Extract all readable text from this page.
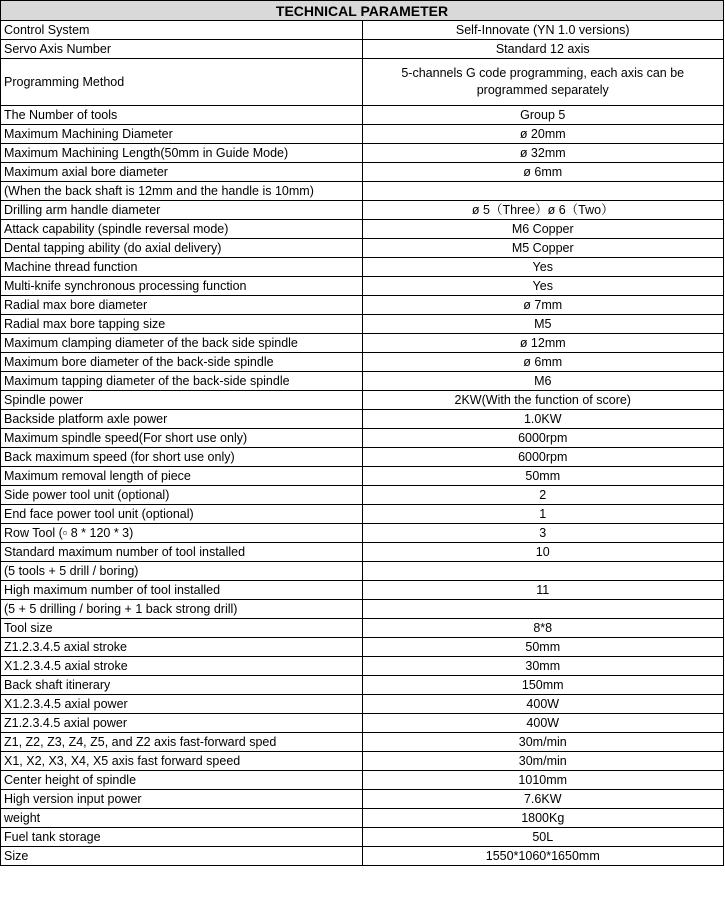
TECHNICAL PARAMETER	
Control System	Self-Innovate (YN 1.0 versions)
Servo Axis Number	Standard 12 axis
Programming Method	5-channels G code programming, each axis can be programmed separately
The Number of tools	Group 5
Maximum Machining Diameter	ø 20mm
Maximum Machining Length(50mm in Guide Mode)	ø 32mm
Maximum axial bore diameter	ø 6mm
(When the back shaft is 12mm and the handle is 10mm)	
Drilling arm handle diameter	ø 5（Three）ø 6（Two）
Attack capability (spindle reversal mode)	M6 Copper
Dental tapping ability (do axial delivery)	M5 Copper
Machine thread function	Yes
Multi-knife synchronous processing function	Yes
Radial max bore diameter	ø 7mm
Radial max bore tapping size	M5
Maximum clamping diameter of the back side spindle	ø 12mm
Maximum bore diameter of the back-side spindle	ø 6mm
Maximum tapping diameter of the back-side spindle	M6
Spindle power	2KW(With the function of score)
Backside platform axle power	1.0KW
Maximum spindle speed(For short use only)	6000rpm
Back maximum speed (for short use only)	6000rpm
Maximum removal length of piece	50mm
Side power tool unit (optional)	2
End face power tool unit (optional)	1
Row Tool (▫ 8 * 120 * 3)	3
Standard maximum number of tool installed	10
(5 tools + 5 drill / boring)	
High maximum number of tool installed	11
(5 + 5 drilling / boring + 1 back strong drill)	
Tool size	8*8
Z1.2.3.4.5 axial stroke	50mm
X1.2.3.4.5 axial stroke	30mm
Back shaft itinerary	150mm
X1.2.3.4.5 axial power	400W
Z1.2.3.4.5 axial power	400W
Z1, Z2, Z3, Z4, Z5, and Z2 axis fast-forward sped	30m/min
X1, X2, X3, X4, X5 axis fast forward speed	30m/min
Center height of spindle	1010mm
High version input power	7.6KW
weight	1800Kg
Fuel tank storage	50L
Size	1550*1060*1650mm
